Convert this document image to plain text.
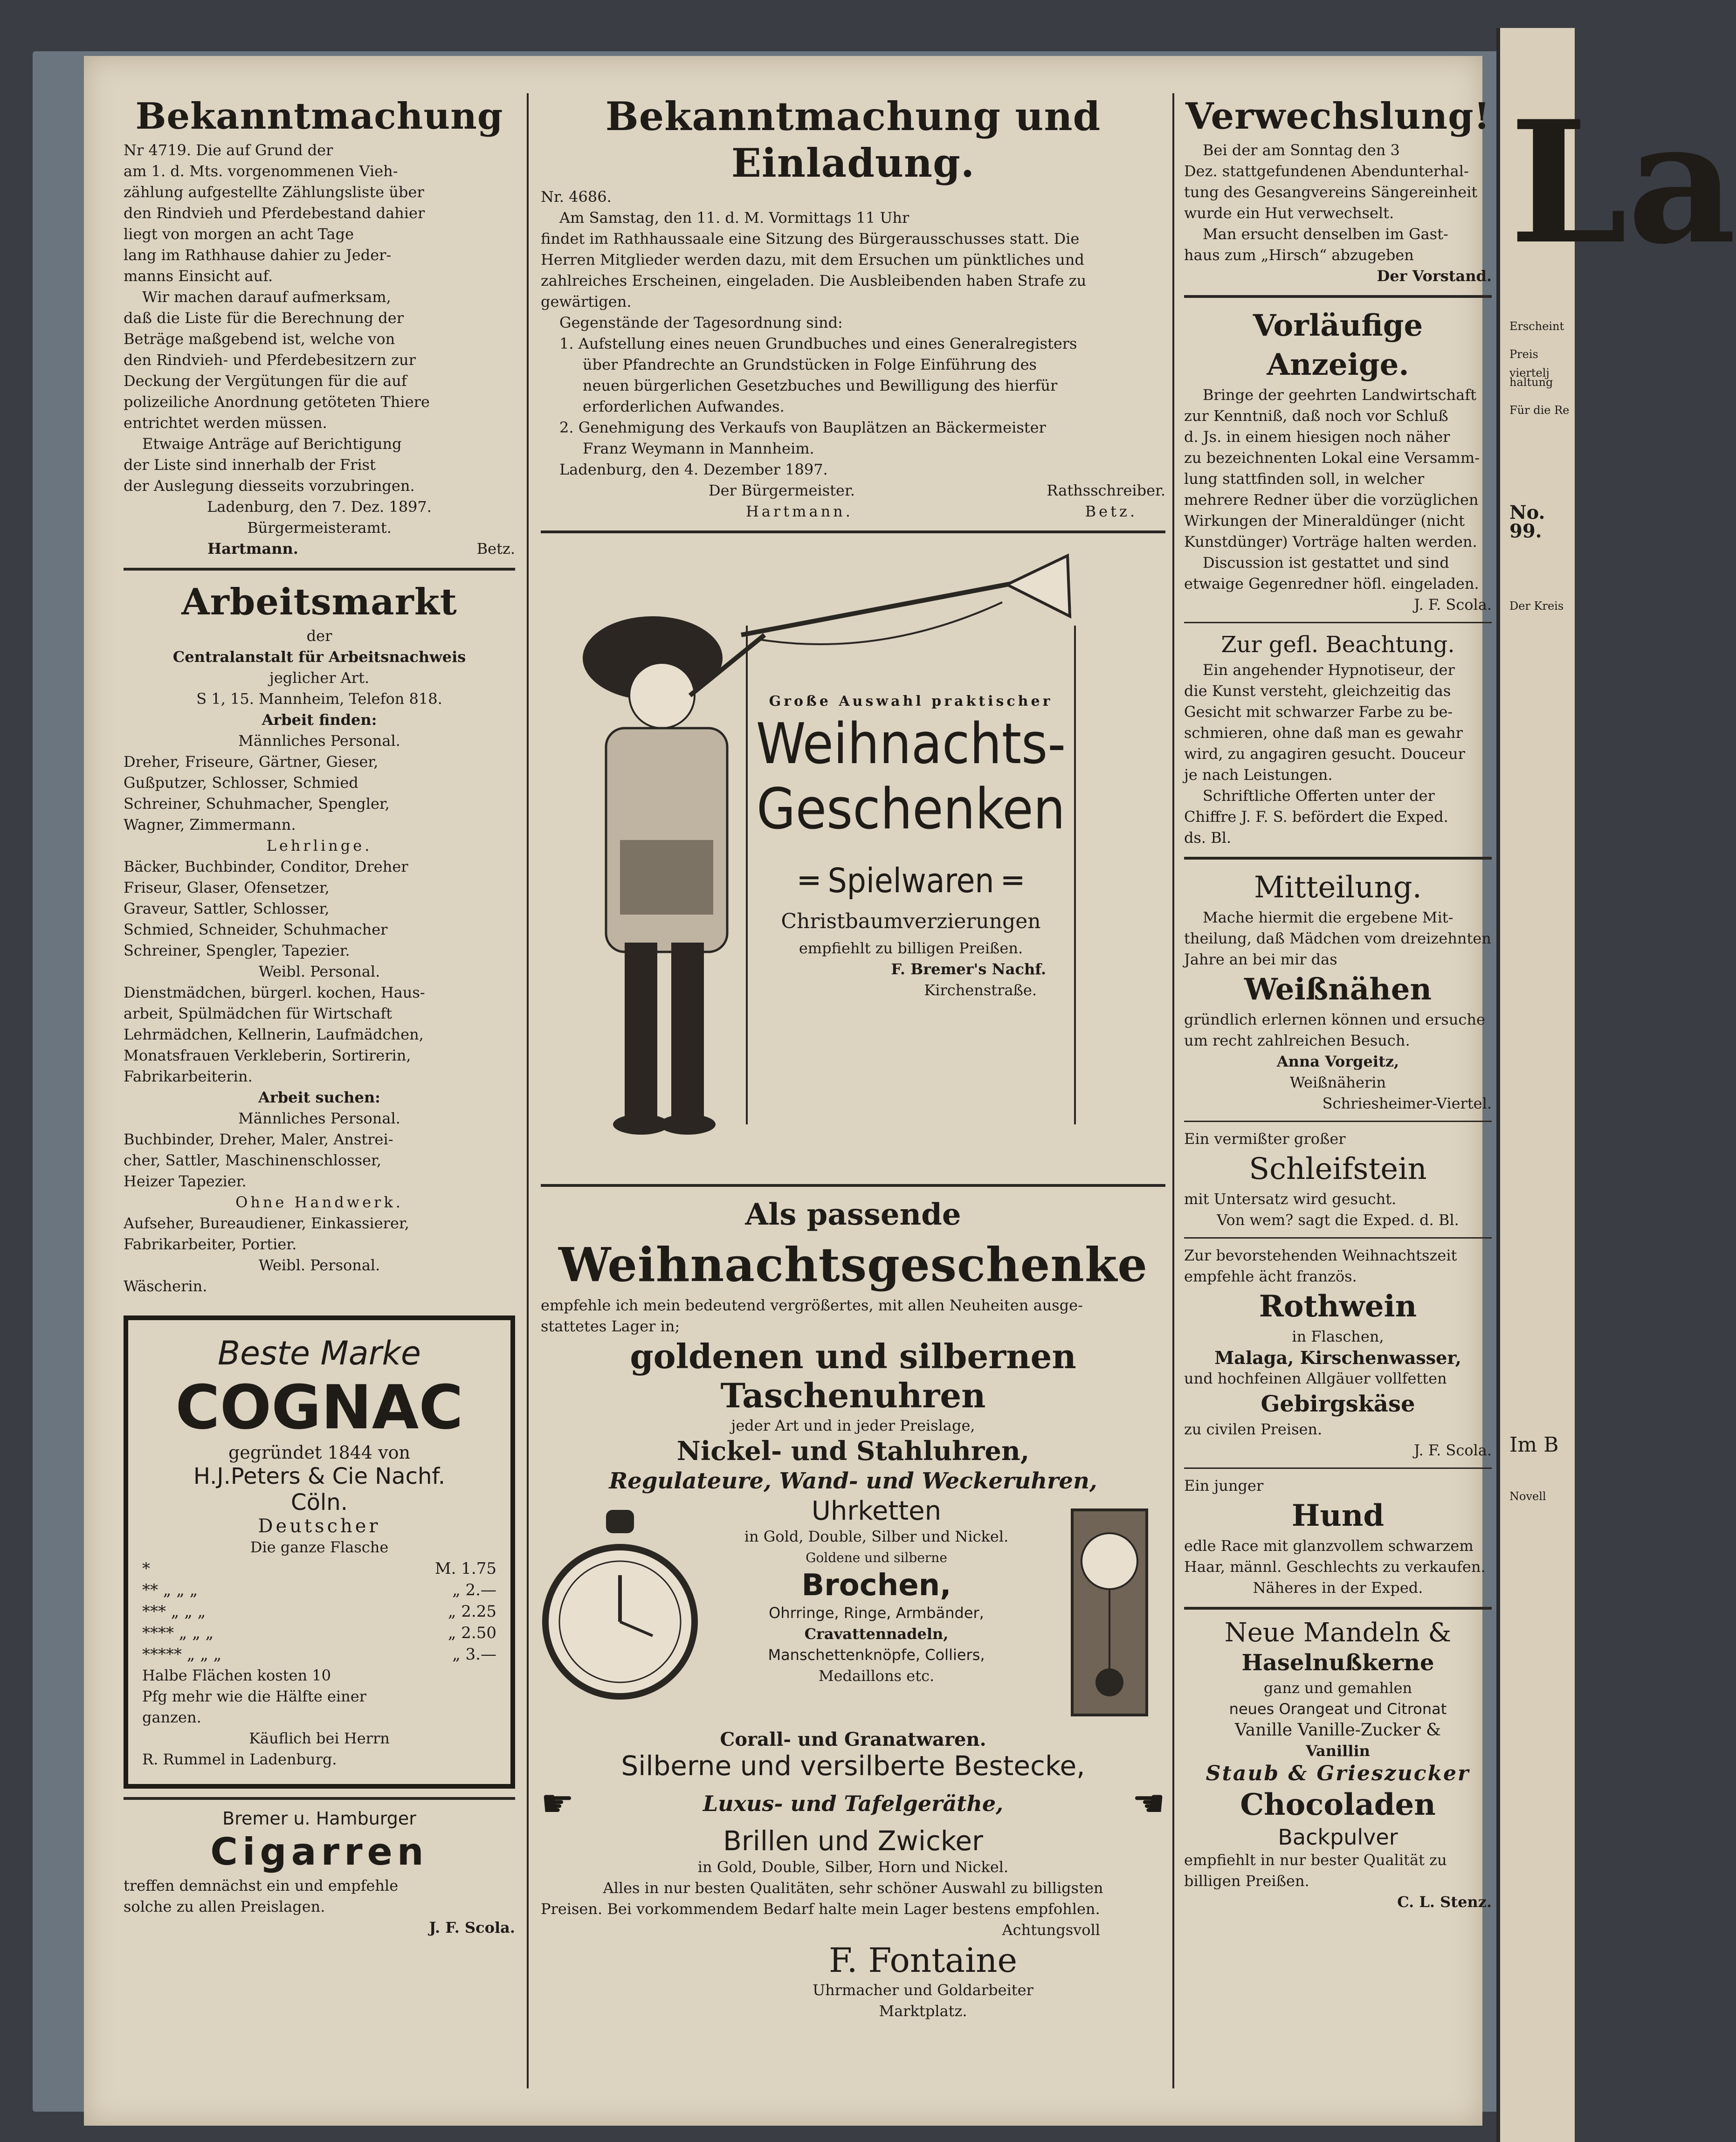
La
Erscheint
Preis viertelj
haltung
Für die Re
No. 99.
Der Kreis
Im B
Novell
Bekanntmachung
Nr 4719. Die auf Grund der
am 1. d. Mts. vorgenommenen Vieh-
zählung aufgestellte Zählungsliste über
den Rindvieh und Pferdebestand dahier
liegt von morgen an acht Tage
lang im Rathhause dahier zu Jeder-
manns Einsicht auf.
Wir machen darauf aufmerksam,
daß die Liste für die Berechnung der
Beträge maßgebend ist, welche von
den Rindvieh- und Pferdebesitzern zur
Deckung der Vergütungen für die auf
polizeiliche Anordnung getöteten Thiere
entrichtet werden müssen.
Etwaige Anträge auf Berichtigung
der Liste sind innerhalb der Frist
der Auslegung diesseits vorzubringen.
Ladenburg, den 7. Dez. 1897.
Bürgermeisteramt.
Hartmann.	Betz.
Arbeitsmarkt
der
Centralanstalt für Arbeitsnachweis
jeglicher Art.
S 1, 15. Mannheim, Telefon 818.
Arbeit finden:
Männliches Personal.
Dreher, Friseure, Gärtner, Gieser,
Gußputzer, Schlosser, Schmied
Schreiner, Schuhmacher, Spengler,
Wagner, Zimmermann.
Lehrlinge.
Bäcker, Buchbinder, Conditor, Dreher
Friseur, Glaser, Ofensetzer,
Graveur, Sattler, Schlosser,
Schmied, Schneider, Schuhmacher
Schreiner, Spengler, Tapezier.
Weibl. Personal.
Dienstmädchen, bürgerl. kochen, Haus-
arbeit, Spülmädchen für Wirtschaft
Lehrmädchen, Kellnerin, Laufmädchen,
Monatsfrauen Verkleberin, Sortirerin,
Fabrikarbeiterin.
Arbeit suchen:
Männliches Personal.
Buchbinder, Dreher, Maler, Anstrei-
cher, Sattler, Maschinenschlosser,
Heizer Tapezier.
Ohne Handwerk.
Aufseher, Bureaudiener, Einkassierer,
Fabrikarbeiter, Portier.
Weibl. Personal.
Wäscherin.
Beste Marke
COGNAC
gegründet 1844 von
H.J.Peters & Cie Nachf.
Cöln.
Deutscher
Die ganze Flasche
*	M. 1.75
** „ „ „	„ 2.—
*** „ „ „	„ 2.25
**** „ „ „	„ 2.50
***** „ „ „	„ 3.—
Halbe Flächen kosten 10
Pfg mehr wie die Hälfte einer
ganzen.
Käuflich bei Herrn
R. Rummel in Ladenburg.
Bremer u. Hamburger
Cigarren
treffen demnächst ein und empfehle
solche zu allen Preislagen.
J. F. Scola.
Bekanntmachung und Einladung.
Nr. 4686.
Am Samstag, den 11. d. M. Vormittags 11 Uhr
findet im Rathhaussaale eine Sitzung des Bürgerausschusses statt. Die
Herren Mitglieder werden dazu, mit dem Ersuchen um pünktliches und
zahlreiches Erscheinen, eingeladen. Die Ausbleibenden haben Strafe zu
gewärtigen.
Gegenstände der Tagesordnung sind:
1. Aufstellung eines neuen Grundbuches und eines Generalregisters
über Pfandrechte an Grundstücken in Folge Einführung des
neuen bürgerlichen Gesetzbuches und Bewilligung des hierfür
erforderlichen Aufwandes.
2. Genehmigung des Verkaufs von Bauplätzen an Bäckermeister
Franz Weymann in Mannheim.
Ladenburg, den 4. Dezember 1897.
Der Bürgermeister.	Rathsschreiber.
Hartmann.	Betz.
Große Auswahl praktischer
Weihnachts-
Geschenken
═ Spielwaren ═
Christbaumverzierungen
empfiehlt zu billigen Preißen.
F. Bremer's Nachf.
Kirchenstraße.
Als passende
Weihnachtsgeschenke
empfehle ich mein bedeutend vergrößertes, mit allen Neuheiten ausge-
stattetes Lager in;
goldenen und silbernen Taschenuhren
jeder Art und in jeder Preislage,
Nickel- und Stahluhren,
Regulateure, Wand- und Weckeruhren,
Uhrketten
in Gold, Double, Silber und Nickel.
Goldene und silberne
Brochen,
Ohrringe, Ringe, Armbänder,
Cravattennadeln,
Manschettenknöpfe, Colliers,
Medaillons etc.
Corall- und Granatwaren.
Silberne und versilberte Bestecke,
☛	Luxus- und Tafelgeräthe,	☚
Brillen und Zwicker
in Gold, Double, Silber, Horn und Nickel.
Alles in nur besten Qualitäten, sehr schöner Auswahl zu billigsten
Preisen. Bei vorkommendem Bedarf halte mein Lager bestens empfohlen.
Achtungsvoll
F. Fontaine
Uhrmacher und Goldarbeiter
Marktplatz.
Verwechslung!
Bei der am Sonntag den 3
Dez. stattgefundenen Abendunterhal-
tung des Gesangvereins Sängereinheit
wurde ein Hut verwechselt.
Man ersucht denselben im Gast-
haus zum „Hirsch“ abzugeben
Der Vorstand.
Vorläufige Anzeige.
Bringe der geehrten Landwirtschaft
zur Kenntniß, daß noch vor Schluß
d. Js. in einem hiesigen noch näher
zu bezeichnenten Lokal eine Versamm-
lung stattfinden soll, in welcher
mehrere Redner über die vorzüglichen
Wirkungen der Mineraldünger (nicht
Kunstdünger) Vorträge halten werden.
Discussion ist gestattet und sind
etwaige Gegenredner höfl. eingeladen.
J. F. Scola.
Zur gefl. Beachtung.
Ein angehender Hypnotiseur, der
die Kunst versteht, gleichzeitig das
Gesicht mit schwarzer Farbe zu be-
schmieren, ohne daß man es gewahr
wird, zu angagiren gesucht. Douceur
je nach Leistungen.
Schriftliche Offerten unter der
Chiffre J. F. S. befördert die Exped.
ds. Bl.
Mitteilung.
Mache hiermit die ergebene Mit-
theilung, daß Mädchen vom dreizehnten
Jahre an bei mir das
Weißnähen
gründlich erlernen können und ersuche
um recht zahlreichen Besuch.
Anna Vorgeitz,
Weißnäherin
Schriesheimer-Viertel.
Ein vermißter großer
Schleifstein
mit Untersatz wird gesucht.
Von wem? sagt die Exped. d. Bl.
Zur bevorstehenden Weihnachtszeit
empfehle ächt französ.
Rothwein
in Flaschen,
Malaga, Kirschenwasser,
und hochfeinen Allgäuer vollfetten
Gebirgskäse
zu civilen Preisen.
J. F. Scola.
Ein junger
Hund
edle Race mit glanzvollem schwarzem
Haar, männl. Geschlechts zu verkaufen.
Näheres in der Exped.
Neue Mandeln &
Haselnußkerne
ganz und gemahlen
neues Orangeat und Citronat
Vanille Vanille-Zucker &
Vanillin
Staub & Grieszucker
Chocoladen
Backpulver
empfiehlt in nur bester Qualität zu
billigen Preißen.
C. L. Stenz.
